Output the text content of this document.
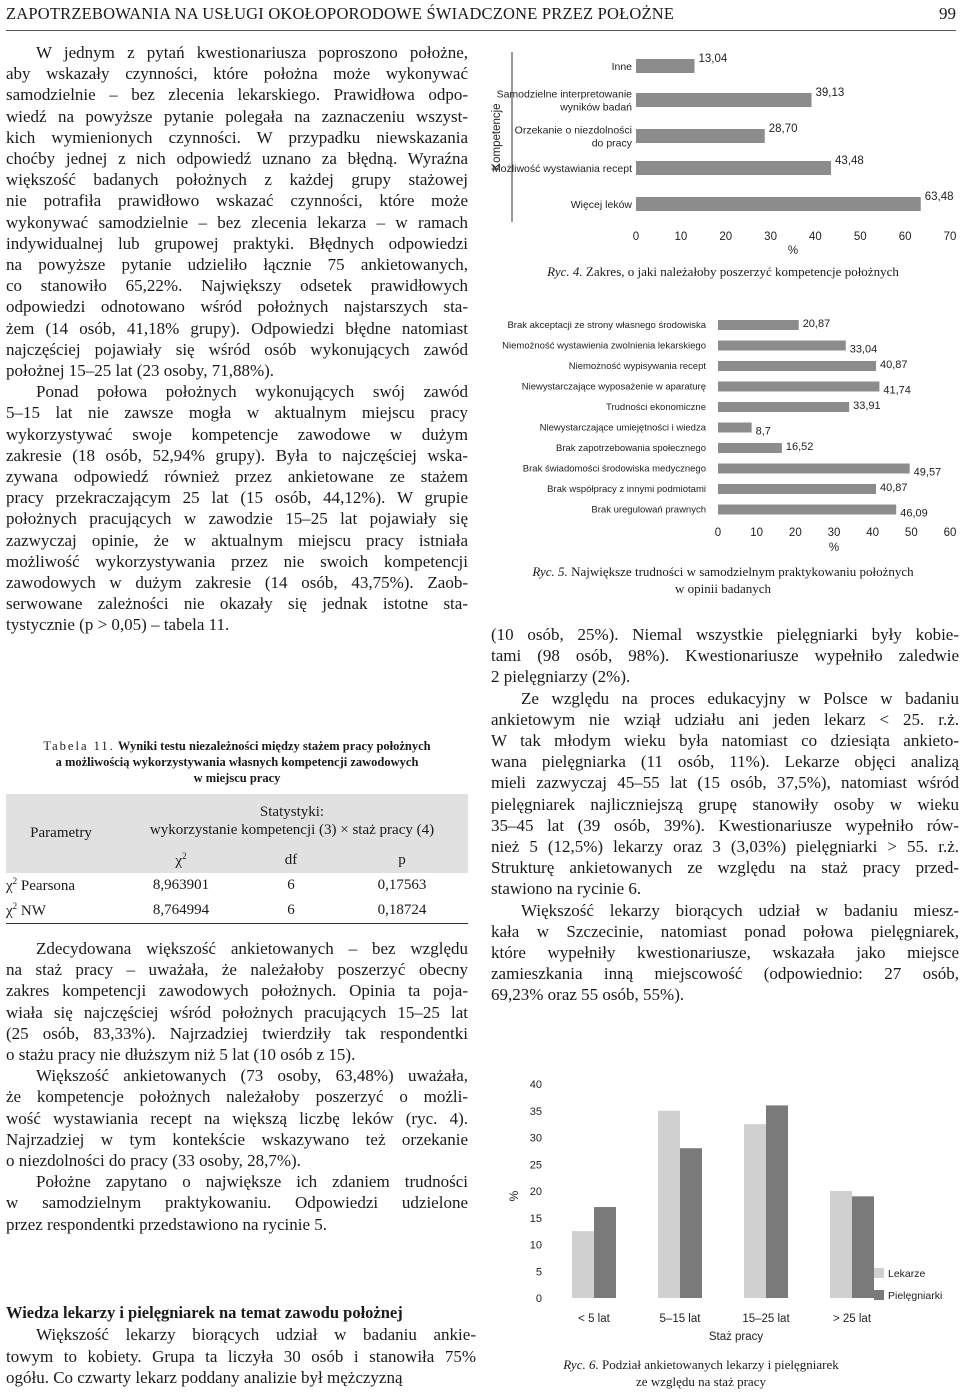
ZAPOTRZEBOWANIA NA USŁUGI OKOŁOPORODOWE ŚWIADCZONE PRZEZ POŁOŻNE	99

W jednym z pytań kwestionariusza poproszono położne,
aby wskazały czynności, które położna może wykonywać
samodzielnie – bez zlecenia lekarskiego. Prawidłowa odpo-
wiedź na powyższe pytanie polegała na zaznaczeniu wszyst-
kich wymienionych czynności. W przypadku niewskazania
choćby jednej z nich odpowiedź uznano za błędną. Wyraźna
większość badanych położnych z każdej grupy stażowej
nie potrafiła prawidłowo wskazać czynności, które może
wykonywać samodzielnie – bez zlecenia lekarza – w ramach
indywidualnej lub grupowej praktyki. Błędnych odpowiedzi
na powyższe pytanie udzieliło łącznie 75 ankietowanych,
co stanowiło 65,22%. Największy odsetek prawidłowych
odpowiedzi odnotowano wśród położnych najstarszych sta-
żem (14 osób, 41,18% grupy). Odpowiedzi błędne natomiast
najczęściej pojawiały się wśród osób wykonujących zawód
położnej 15–25 lat (23 osoby, 71,88%).

Ponad połowa położnych wykonujących swój zawód
5–15 lat nie zawsze mogła w aktualnym miejscu pracy
wykorzystywać swoje kompetencje zawodowe w dużym
zakresie (18 osób, 52,94% grupy). Była to najczęściej wska-
zywana odpowiedź również przez ankietowane ze stażem
pracy przekraczającym 25 lat (15 osób, 44,12%). W grupie
położnych pracujących w zawodzie 15–25 lat pojawiały się
zazwyczaj opinie, że w aktualnym miejscu pracy istniała
możliwość wykorzystywania przez nie swoich kompetencji
zawodowych w dużym zakresie (14 osób, 43,75%). Zaob-
serwowane zależności nie okazały się jednak istotne sta-
tystycznie (p > 0,05) – tabela 11.

Tabela 11. Wyniki testu niezależności między stażem pracy położnych
a możliwością wykorzystywania własnych kompetencji zawodowych
w miejscu pracy
Parametry	Statystyki:
wykorzystanie kompetencji (3) × staż pracy (4)		
	$\chi^2$	df	p
$\chi^2$ Pearsona	8,963901	6	0,17563
$\chi^2$ NW	8,764994	6	0,18724

Zdecydowana większość ankietowanych – bez względu
na staż pracy – uważała, że należałoby poszerzyć obecny
zakres kompetencji zawodowych położnych. Opinia ta poja-
wiała się najczęściej wśród położnych pracujących 15–25 lat
(25 osób, 83,33%). Najrzadziej twierdziły tak respondentki
o stażu pracy nie dłuższym niż 5 lat (10 osób z 15).

Większość ankietowanych (73 osoby, 63,48%) uważała,
że kompetencje położnych należałoby poszerzyć o możli-
wość wystawiania recept na większą liczbę leków (ryc. 4).
Najrzadziej w tym kontekście wskazywano też orzekanie
o niezdolności do pracy (33 osoby, 28,7%).

Położne zapytano o największe ich zdaniem trudności
w samodzielnym praktykowaniu. Odpowiedzi udzielone
przez respondentki przedstawiono na rycinie 5.

Wiedza lekarzy i pielęgniarek na temat zawodu położnej

Większość lekarzy biorących udział w badaniu ankie-
towym to kobiety. Grupa ta liczyła 30 osób i stanowiła 75%
ogółu. Co czwarty lekarz poddany analizie był mężczyzną

Kompetencje
Inne
13,04
Samodzielne interpretowanie
wyników badań
39,13
Orzekanie o niezdolności
do pracy
28,70
Możliwość wystawiania recept
43,48
Więcej leków
63,48
0	10	20	30	40	50	60	70
%
Ryc. 4. Zakres, o jaki należałoby poszerzyć kompetencje położnych
Brak akceptacji ze strony własnego środowiska	20,87
Niemożność wystawienia zwolnienia lekarskiego	33,04
Niemożność wypisywania recept	40,87
Niewystarczające wyposażenie w aparaturę	41,74
Trudności ekonomiczne	33,91
Niewystarczające umiejętności i wiedza	8,7
Brak zapotrzebowania społecznego	16,52
Brak świadomości środowiska medycznego	49,57
Brak współpracy z innymi podmiotami	40,87
Brak uregulowań prawnych	46,09
0	10 20 30 40 50 60
%
Ryc. 5. Największe trudności w samodzielnym praktykowaniu położnych
w opinii badanych

(10 osób, 25%). Niemal wszystkie pielęgniarki były kobie-
tami (98 osób, 98%). Kwestionariusze wypełniło zaledwie
2 pielęgniarzy (2%).

Ze względu na proces edukacyjny w Polsce w badaniu
ankietowym nie wziął udziału ani jeden lekarz < 25. r.ż.
W tak młodym wieku była natomiast co dziesiąta ankieto-
wana pielęgniarka (11 osób, 11%). Lekarze objęci analizą
mieli zazwyczaj 45–55 lat (15 osób, 37,5%), natomiast wśród
pielęgniarek najliczniejszą grupę stanowiły osoby w wieku
35–45 lat (39 osób, 39%). Kwestionariusze wypełniło rów-
nież 5 (12,5%) lekarzy oraz 3 (3,03%) pielęgniarki > 55. r.ż.
Strukturę ankietowanych ze względu na staż pracy przed-
stawiono na rycinie 6.

Większość lekarzy biorących udział w badaniu miesz-
kała w Szczecinie, natomiast ponad połowa pielęgniarek,
które wypełniły kwestionariusze, wskazała jako miejsce
zamieszkania inną miejscowość (odpowiednio: 27 osób,
69,23% oraz 55 osób, 55%).

0
5
10
15
20
25
30
35
40
%
< 5 lat	5–15 lat	15–25 lat	> 25 lat
Staż pracy
Lekarze
Pielęgniarki
Ryc. 6. Podział ankietowanych lekarzy i pielęgniarek
ze względu na staż pracy
